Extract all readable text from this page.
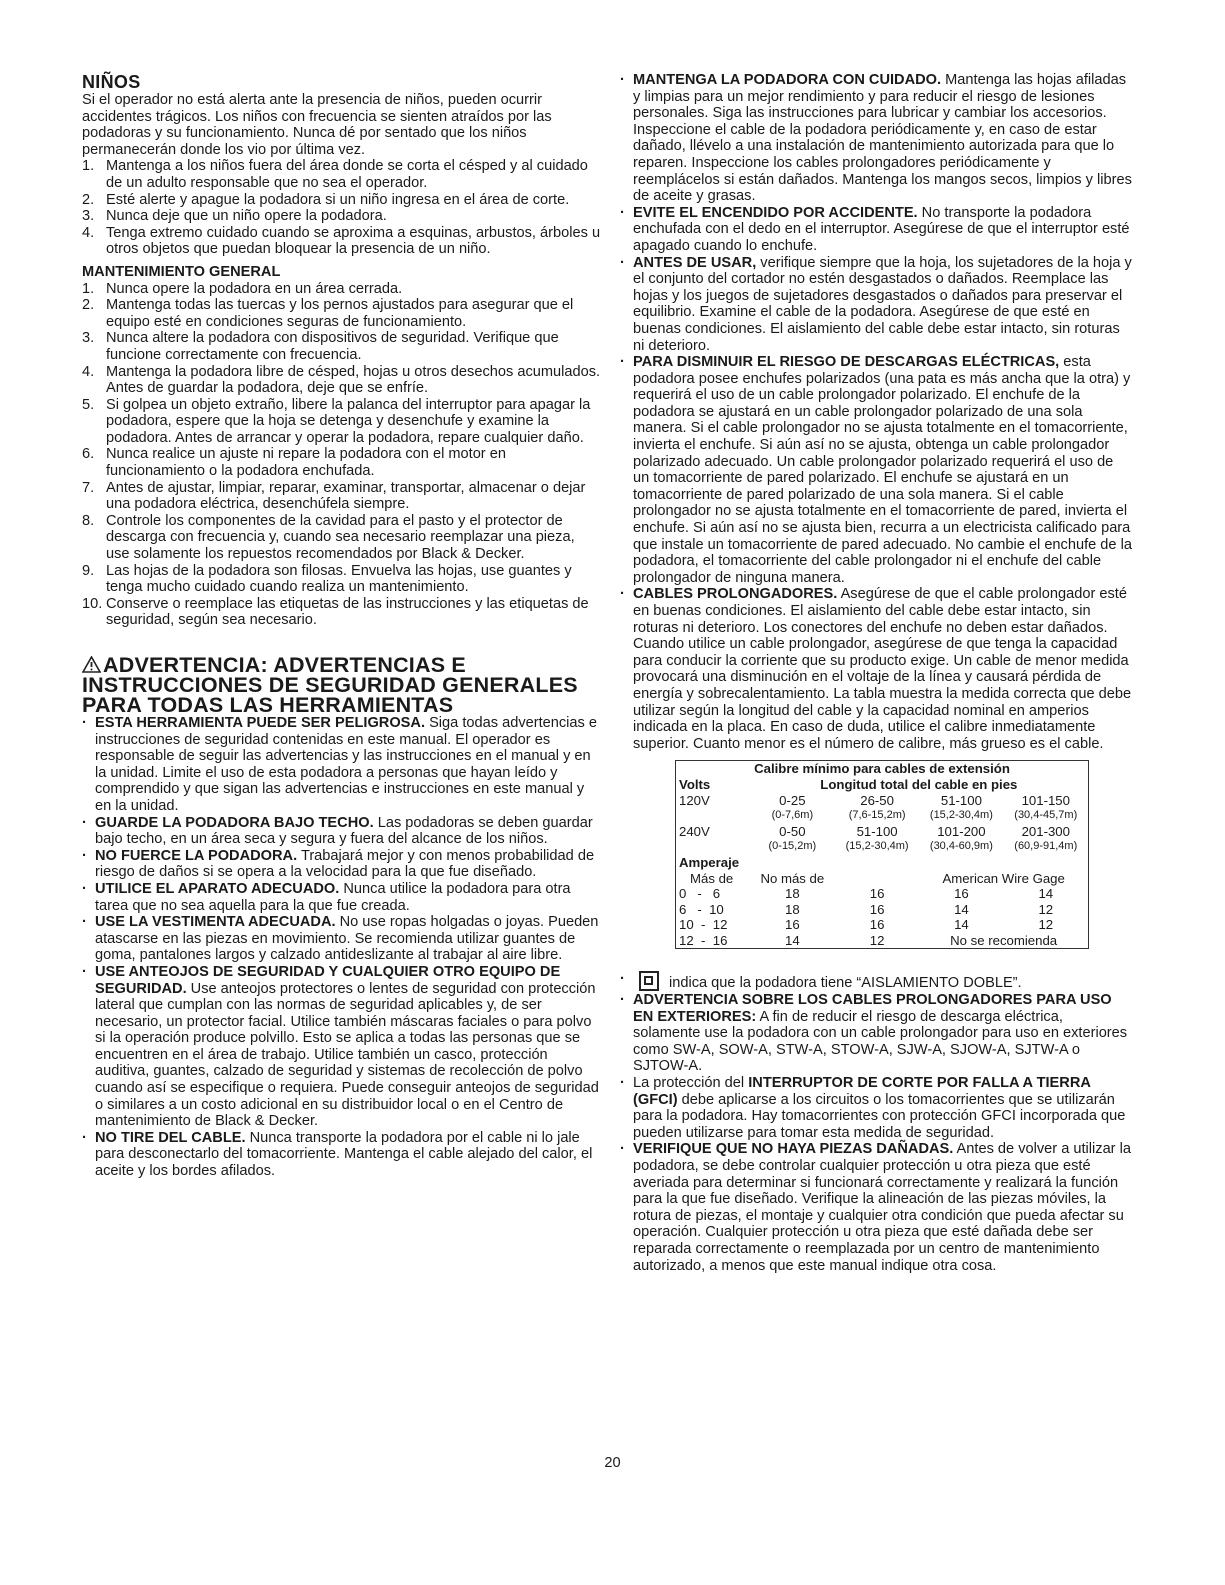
NIÑOS

Si el operador no está alerta ante la presencia de niños, pueden ocurrir accidentes trágicos. Los niños con frecuencia se sienten atraídos por las podadoras y su funcionamiento. Nunca dé por sentado que los niños permanecerán donde los vio por última vez.

1. Mantenga a los niños fuera del área donde se corta el césped y al cuidado de un adulto responsable que no sea el operador.
2. Esté alerte y apague la podadora si un niño ingresa en el área de corte.
3. Nunca deje que un niño opere la podadora.
4. Tenga extremo cuidado cuando se aproxima a esquinas, arbustos, árboles u otros objetos que puedan bloquear la presencia de un niño.
MANTENIMIENTO GENERAL
1. Nunca opere la podadora en un área cerrada.
2. Mantenga todas las tuercas y los pernos ajustados para asegurar que el equipo esté en condiciones seguras de funcionamiento.
3. Nunca altere la podadora con dispositivos de seguridad. Verifique que funcione correctamente con frecuencia.
4. Mantenga la podadora libre de césped, hojas u otros desechos acumulados. Antes de guardar la podadora, deje que se enfríe.
5. Si golpea un objeto extraño, libere la palanca del interruptor para apagar la podadora, espere que la hoja se detenga y desenchufe y examine la podadora. Antes de arrancar y operar la podadora, repare cualquier daño.
6. Nunca realice un ajuste ni repare la podadora con el motor en funcionamiento o la podadora enchufada.
7. Antes de ajustar, limpiar, reparar, examinar, transportar, almacenar o dejar una podadora eléctrica, desenchúfela siempre.
8. Controle los componentes de la cavidad para el pasto y el protector de descarga con frecuencia y, cuando sea necesario reemplazar una pieza, use solamente los repuestos recomendados por Black & Decker.
9. Las hojas de la podadora son filosas. Envuelva las hojas, use guantes y tenga mucho cuidado cuando realiza un mantenimiento.
10. Conserve o reemplace las etiquetas de las instrucciones y las etiquetas de seguridad, según sea necesario.
ADVERTENCIA: ADVERTENCIAS E INSTRUCCIONES DE SEGURIDAD GENERALES PARA TODAS LAS HERRAMIENTAS
· ESTA HERRAMIENTA PUEDE SER PELIGROSA. Siga todas advertencias e instrucciones de seguridad contenidas en este manual. El operador es responsable de seguir las advertencias y las instrucciones en el manual y en la unidad. Limite el uso de esta podadora a personas que hayan leído y comprendido y que sigan las advertencias e instrucciones en este manual y en la unidad.
· GUARDE LA PODADORA BAJO TECHO. Las podadoras se deben guardar bajo techo, en un área seca y segura y fuera del alcance de los niños.
· NO FUERCE LA PODADORA. Trabajará mejor y con menos probabilidad de riesgo de daños si se opera a la velocidad para la que fue diseñado.
· UTILICE EL APARATO ADECUADO. Nunca utilice la podadora para otra tarea que no sea aquella para la que fue creada.
· USE LA VESTIMENTA ADECUADA. No use ropas holgadas o joyas. Pueden atascarse en las piezas en movimiento. Se recomienda utilizar guantes de goma, pantalones largos y calzado antideslizante al trabajar al aire libre.
· USE ANTEOJOS DE SEGURIDAD Y CUALQUIER OTRO EQUIPO DE SEGURIDAD. Use anteojos protectores o lentes de seguridad con protección lateral que cumplan con las normas de seguridad aplicables y, de ser necesario, un protector facial. Utilice también máscaras faciales o para polvo si la operación produce polvillo. Esto se aplica a todas las personas que se encuentren en el área de trabajo. Utilice también un casco, protección auditiva, guantes, calzado de seguridad y sistemas de recolección de polvo cuando así se especifique o requiera. Puede conseguir anteojos de seguridad o similares a un costo adicional en su distribuidor local o en el Centro de mantenimiento de Black & Decker.
· NO TIRE DEL CABLE. Nunca transporte la podadora por el cable ni lo jale para desconectarlo del tomacorriente. Mantenga el cable alejado del calor, el aceite y los bordes afilados.
· MANTENGA LA PODADORA CON CUIDADO. Mantenga las hojas afiladas y limpias para un mejor rendimiento y para reducir el riesgo de lesiones personales. Siga las instrucciones para lubricar y cambiar los accesorios. Inspeccione el cable de la podadora periódicamente y, en caso de estar dañado, llévelo a una instalación de mantenimiento autorizada para que lo reparen. Inspeccione los cables prolongadores periódicamente y reemplácelos si están dañados. Mantenga los mangos secos, limpios y libres de aceite y grasas.
· EVITE EL ENCENDIDO POR ACCIDENTE. No transporte la podadora enchufada con el dedo en el interruptor. Asegúrese de que el interruptor esté apagado cuando lo enchufe.
· ANTES DE USAR, verifique siempre que la hoja, los sujetadores de la hoja y el conjunto del cortador no estén desgastados o dañados. Reemplace las hojas y los juegos de sujetadores desgastados o dañados para preservar el equilibrio. Examine el cable de la podadora. Asegúrese de que esté en buenas condiciones. El aislamiento del cable debe estar intacto, sin roturas ni deterioro.
· PARA DISMINUIR EL RIESGO DE DESCARGAS ELÉCTRICAS, esta podadora posee enchufes polarizados (una pata es más ancha que la otra) y requerirá el uso de un cable prolongador polarizado. El enchufe de la podadora se ajustará en un cable prolongador polarizado de una sola manera. Si el cable prolongador no se ajusta totalmente en el tomacorriente, invierta el enchufe. Si aún así no se ajusta, obtenga un cable prolongador polarizado adecuado. Un cable prolongador polarizado requerirá el uso de un tomacorriente de pared polarizado. El enchufe se ajustará en un tomacorriente de pared polarizado de una sola manera. Si el cable prolongador no se ajusta totalmente en el tomacorriente de pared, invierta el enchufe. Si aún así no se ajusta bien, recurra a un electricista calificado para que instale un tomacorriente de pared adecuado. No cambie el enchufe de la podadora, el tomacorriente del cable prolongador ni el enchufe del cable prolongador de ninguna manera.
· CABLES PROLONGADORES. Asegúrese de que el cable prolongador esté en buenas condiciones. El aislamiento del cable debe estar intacto, sin roturas ni deterioro. Los conectores del enchufe no deben estar dañados. Cuando utilice un cable prolongador, asegúrese de que tenga la capacidad para conducir la corriente que su producto exige. Un cable de menor medida provocará una disminución en el voltaje de la línea y causará pérdida de energía y sobrecalentamiento. La tabla muestra la medida correcta que debe utilizar según la longitud del cable y la capacidad nominal en amperios indicada en la placa. En caso de duda, utilice el calibre inmediatamente superior. Cuanto menor es el número de calibre, más grueso es el cable.
Calibre mínimo para cables de extensión				
Volts	Longitud total del cable en pies			
120V	0-25	26-50	51-100	101-150
	(0-7,6m)	(7,6-15,2m)	(15,2-30,4m)	(30,4-45,7m)
240V	0-50	51-100	101-200	201-300
	(0-15,2m)	(15,2-30,4m)	(30,4-60,9m)	(60,9-91,4m)
Amperaje				
Más de	No más de		American Wire Gage	
0   -   6	18	16	16	14
6   -  10	18	16	14	12
10  -  12	16	16	14	12
12  -  16	14	12	No se recomienda	
·	indica que la podadora tiene “AISLAMIENTO DOBLE”.
· ADVERTENCIA SOBRE LOS CABLES PROLONGADORES PARA USO EN EXTERIORES: A fin de reducir el riesgo de descarga eléctrica, solamente use la podadora con un cable prolongador para uso en exteriores como SW-A, SOW-A, STW-A, STOW-A, SJW-A, SJOW-A, SJTW-A o SJTOW-A.
· La protección del INTERRUPTOR DE CORTE POR FALLA A TIERRA (GFCI) debe aplicarse a los circuitos o los tomacorrientes que se utilizarán para la podadora. Hay tomacorrientes con protección GFCI incorporada que pueden utilizarse para tomar esta medida de seguridad.
· VERIFIQUE QUE NO HAYA PIEZAS DAÑADAS. Antes de volver a utilizar la podadora, se debe controlar cualquier protección u otra pieza que esté averiada para determinar si funcionará correctamente y realizará la función para la que fue diseñado. Verifique la alineación de las piezas móviles, la rotura de piezas, el montaje y cualquier otra condición que pueda afectar su operación. Cualquier protección u otra pieza que esté dañada debe ser reparada correctamente o reemplazada por un centro de mantenimiento autorizado, a menos que este manual indique otra cosa.
20
